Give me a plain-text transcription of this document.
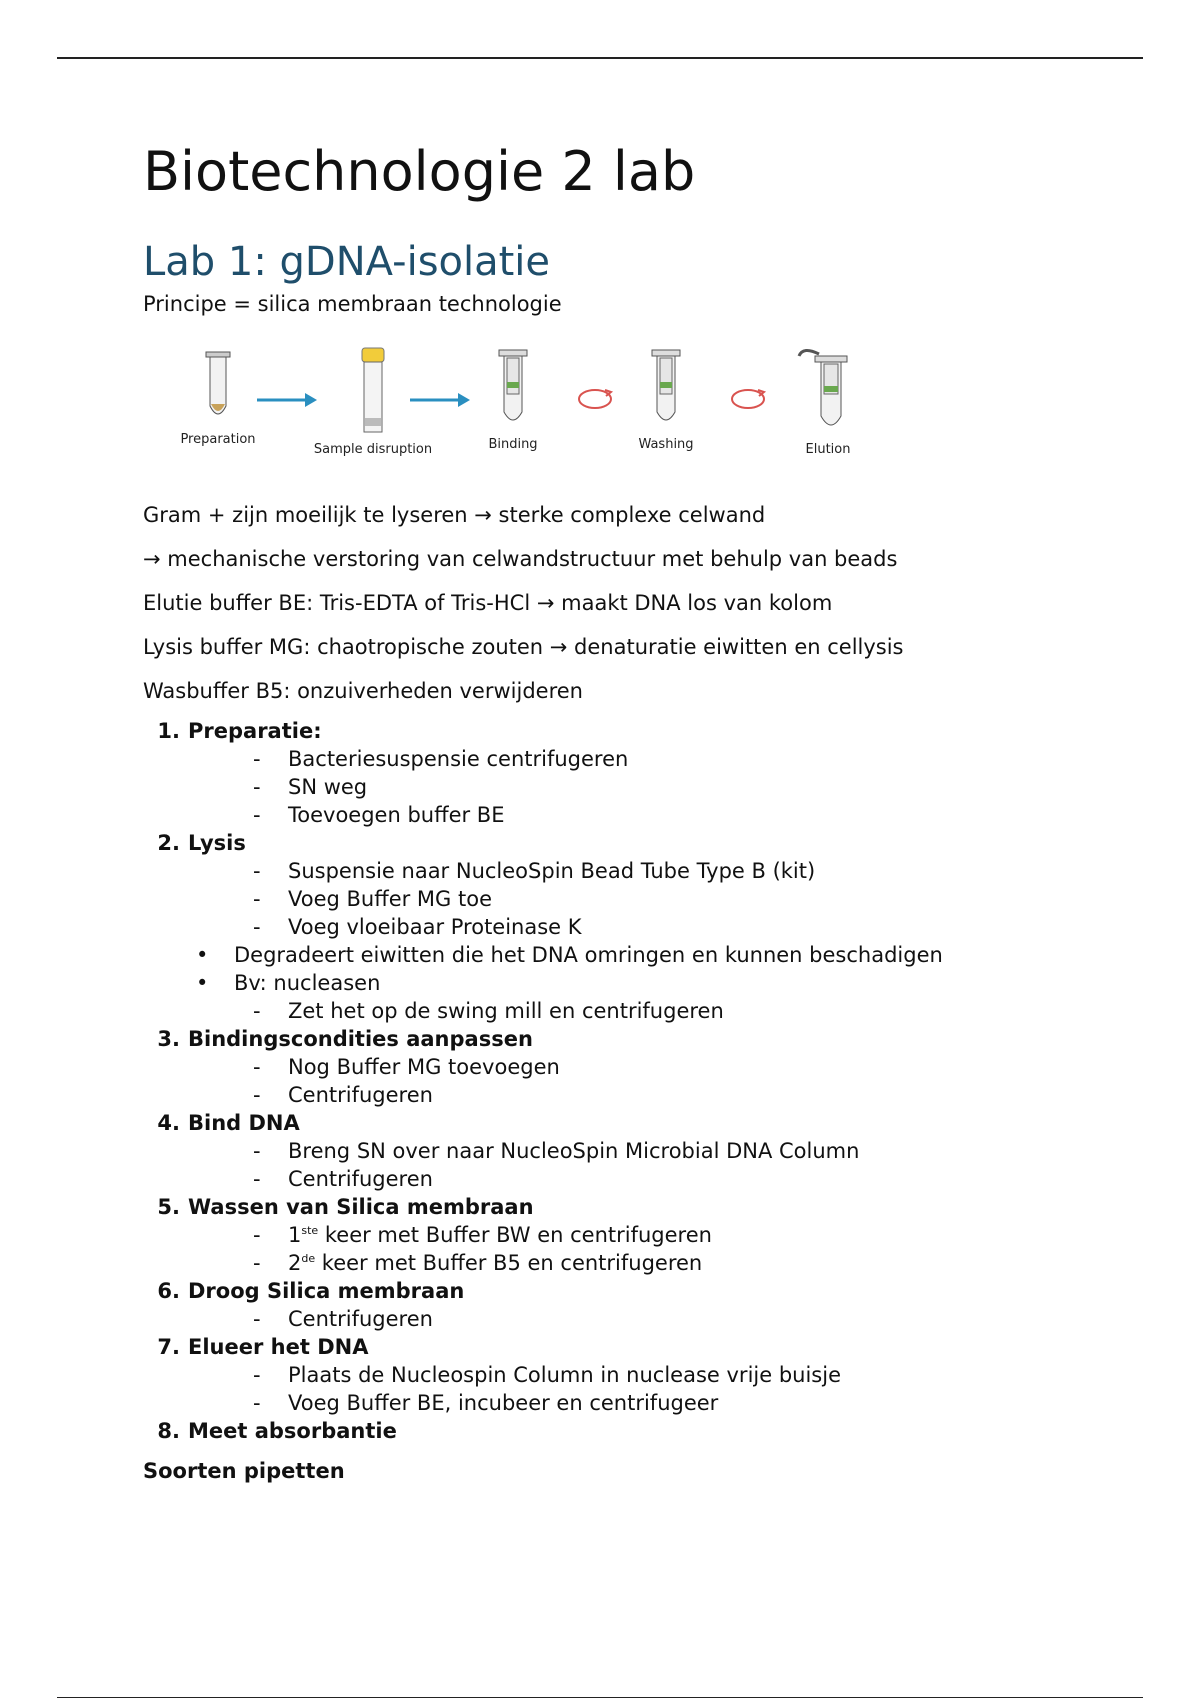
Biotechnologie 2 lab
Lab 1: gDNA-isolatie

Principe = silica membraan technologie

Preparation
Sample disruption	Binding	Washing	Elution

Gram + zijn moeilijk te lyseren → sterke complexe celwand

→ mechanische verstoring van celwandstructuur met behulp van beads

Elutie buffer BE: Tris-EDTA of Tris-HCl → maakt DNA los van kolom

Lysis buffer MG: chaotropische zouten → denaturatie eiwitten en cellysis

Wasbuffer B5: onzuiverheden verwijderen

1. Preparatie:
- Bacteriesuspensie centrifugeren
- SN weg
- Toevoegen buffer BE
2. Lysis
- Suspensie naar NucleoSpin Bead Tube Type B (kit)
- Voeg Buffer MG toe
- Voeg vloeibaar Proteinase K
• Degradeert eiwitten die het DNA omringen en kunnen beschadigen
• Bv: nucleasen
- Zet het op de swing mill en centrifugeren
3. Bindingscondities aanpassen
- Nog Buffer MG toevoegen
- Centrifugeren
4. Bind DNA
- Breng SN over naar NucleoSpin Microbial DNA Column
- Centrifugeren
5. Wassen van Silica membraan
- 1ste keer met Buffer BW en centrifugeren
- 2de keer met Buffer B5 en centrifugeren
6. Droog Silica membraan
- Centrifugeren
7. Elueer het DNA
- Plaats de Nucleospin Column in nuclease vrije buisje
- Voeg Buffer BE, incubeer en centrifugeer
8. Meet absorbantie

Soorten pipetten
